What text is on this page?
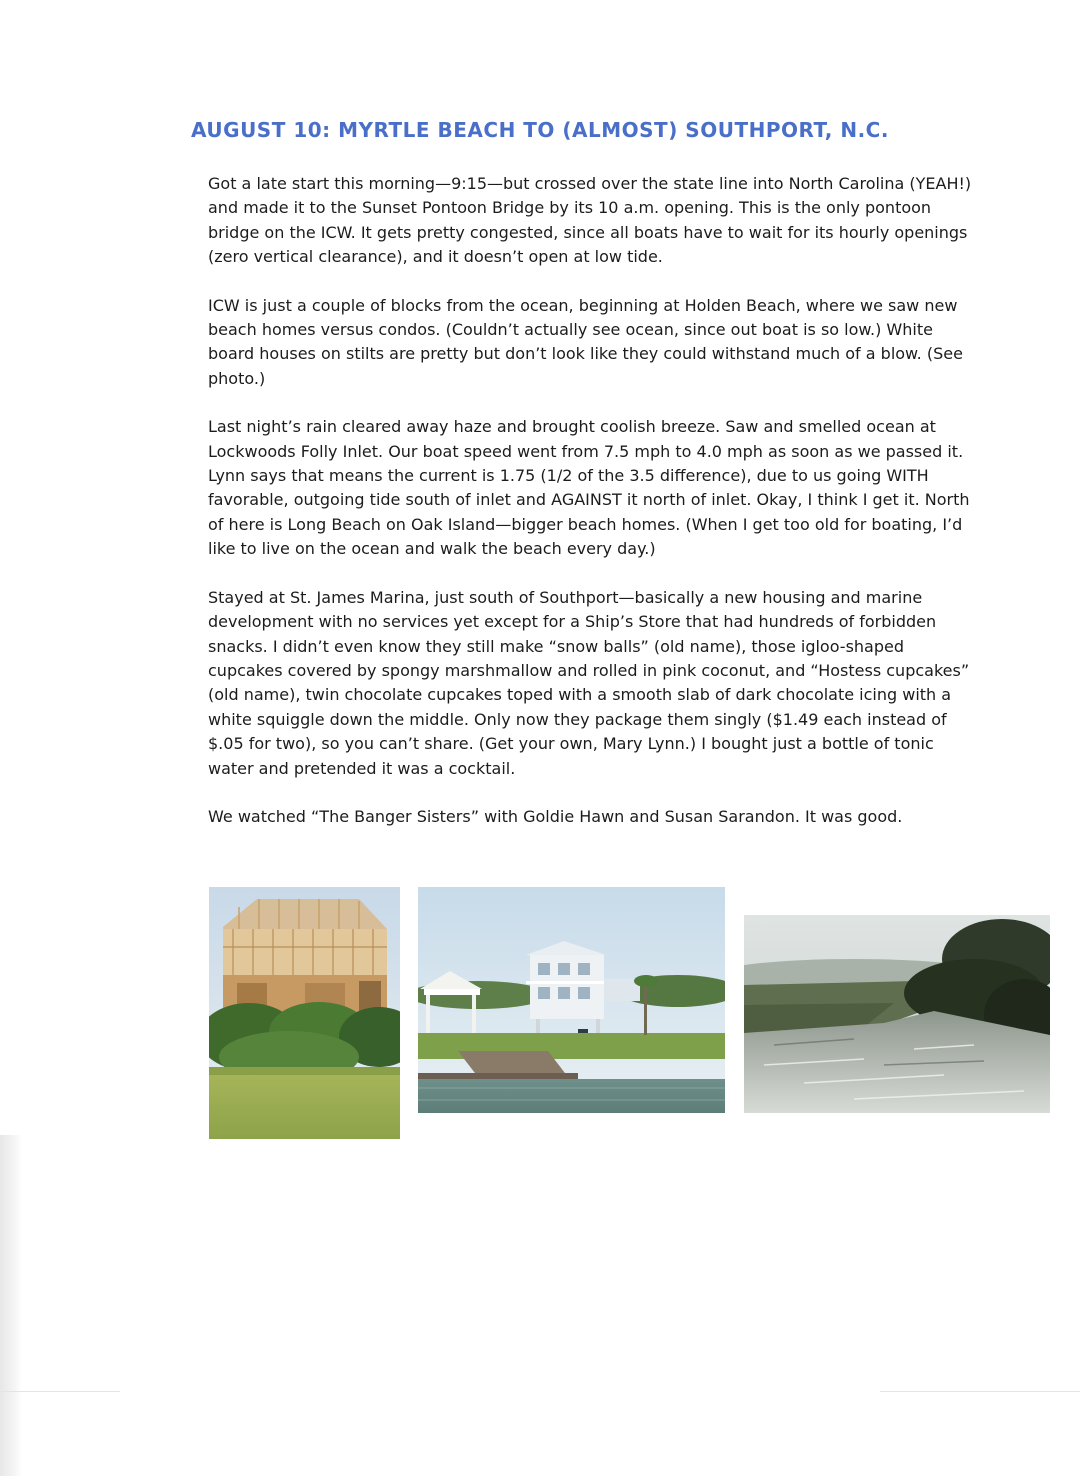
AUGUST 10: MYRTLE BEACH TO (ALMOST) SOUTHPORT, N.C.

Got a late start this morning—9:15—but crossed over the state line into North Carolina (YEAH!) and made it to the Sunset Pontoon Bridge by its 10 a.m. opening. This is the only pontoon bridge on the ICW. It gets pretty congested, since all boats have to wait for its hourly openings (zero vertical clearance), and it doesn’t open at low tide.

ICW is just a couple of blocks from the ocean, beginning at Holden Beach, where we saw new beach homes versus condos. (Couldn’t actually see ocean, since out boat is so low.) White board houses on stilts are pretty but don’t look like they could withstand much of a blow. (See photo.)

Last night’s rain cleared away haze and brought coolish breeze. Saw and smelled ocean at Lockwoods Folly Inlet. Our boat speed went from 7.5 mph to 4.0 mph as soon as we passed it. Lynn says that means the current is 1.75 (1/2 of the 3.5 difference), due to us going WITH favorable, outgoing tide south of inlet and AGAINST it north of inlet. Okay, I think I get it. North of here is Long Beach on Oak Island—bigger beach homes. (When I get too old for boating, I’d like to live on the ocean and walk the beach every day.)

Stayed at St. James Marina, just south of Southport—basically a new housing and marine development with no services yet except for a Ship’s Store that had hundreds of forbidden snacks. I didn’t even know they still make “snow balls” (old name), those igloo-shaped cupcakes covered by spongy marshmallow and rolled in pink coconut, and “Hostess cupcakes” (old name), twin chocolate cupcakes toped with a smooth slab of dark chocolate icing with a white squiggle down the middle. Only now they package them singly ($1.49 each instead of $.05 for two), so you can’t share. (Get your own, Mary Lynn.) I bought just a bottle of tonic water and pretended it was a cocktail.

We watched “The Banger Sisters” with Goldie Hawn and Susan Sarandon. It was good.
